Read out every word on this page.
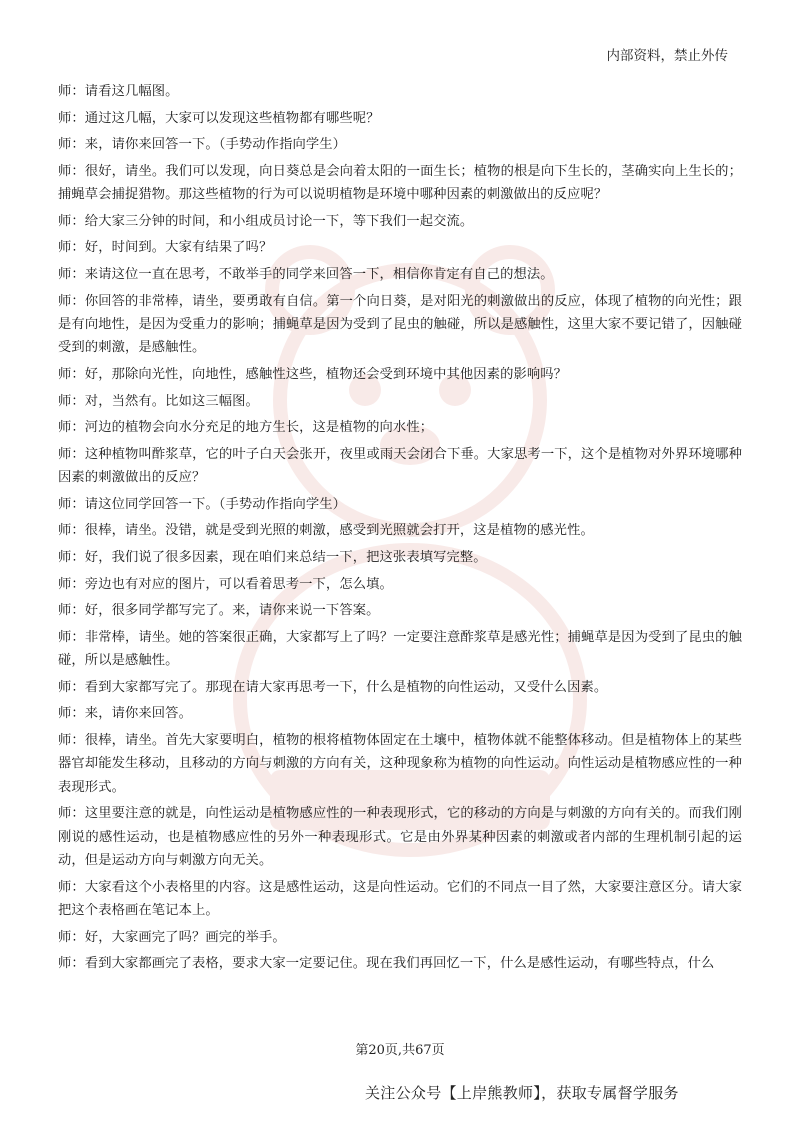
内部资料，禁止外传

师：请看这几幅图。

师：通过这几幅，大家可以发现这些植物都有哪些呢？

师：来，请你来回答一下。（手势动作指向学生）

师：很好，请坐。我们可以发现，向日葵总是会向着太阳的一面生长；植物的根是向下生长的，茎确实向上生长的；捕蝇草会捕捉猎物。那这些植物的行为可以说明植物是环境中哪种因素的刺激做出的反应呢？

师：给大家三分钟的时间，和小组成员讨论一下，等下我们一起交流。

师：好，时间到。大家有结果了吗？

师：来请这位一直在思考，不敢举手的同学来回答一下，相信你肯定有自己的想法。

师：你回答的非常棒，请坐，要勇敢有自信。第一个向日葵，是对阳光的刺激做出的反应，体现了植物的向光性；跟是有向地性，是因为受重力的影响；捕蝇草是因为受到了昆虫的触碰，所以是感触性，这里大家不要记错了，因触碰受到的刺激，是感触性。

师：好，那除向光性，向地性，感触性这些，植物还会受到环境中其他因素的影响吗？

师：对，当然有。比如这三幅图。

师：河边的植物会向水分充足的地方生长，这是植物的向水性；

师：这种植物叫酢浆草，它的叶子白天会张开，夜里或雨天会闭合下垂。大家思考一下，这个是植物对外界环境哪种因素的刺激做出的反应？

师：请这位同学回答一下。（手势动作指向学生）

师：很棒，请坐。没错，就是受到光照的刺激，感受到光照就会打开，这是植物的感光性。

师：好，我们说了很多因素，现在咱们来总结一下，把这张表填写完整。

师：旁边也有对应的图片，可以看着思考一下，怎么填。

师：好，很多同学都写完了。来，请你来说一下答案。

师：非常棒，请坐。她的答案很正确，大家都写上了吗？一定要注意酢浆草是感光性；捕蝇草是因为受到了昆虫的触碰，所以是感触性。

师：看到大家都写完了。那现在请大家再思考一下，什么是植物的向性运动，又受什么因素。

师：来，请你来回答。

师：很棒，请坐。首先大家要明白，植物的根将植物体固定在土壤中，植物体就不能整体移动。但是植物体上的某些器官却能发生移动，且移动的方向与刺激的方向有关，这种现象称为植物的向性运动。向性运动是植物感应性的一种表现形式。

师：这里要注意的就是，向性运动是植物感应性的一种表现形式，它的移动的方向是与刺激的方向有关的。而我们刚刚说的感性运动，也是植物感应性的另外一种表现形式。它是由外界某种因素的刺激或者内部的生理机制引起的运动，但是运动方向与刺激方向无关。

师：大家看这个小表格里的内容。这是感性运动，这是向性运动。它们的不同点一目了然，大家要注意区分。请大家把这个表格画在笔记本上。

师：好，大家画完了吗？画完的举手。

师：看到大家都画完了表格，要求大家一定要记住。现在我们再回忆一下，什么是感性运动，有哪些特点，什么

第20页,共67页
关注公众号【上岸熊教师】，获取专属督学服务
